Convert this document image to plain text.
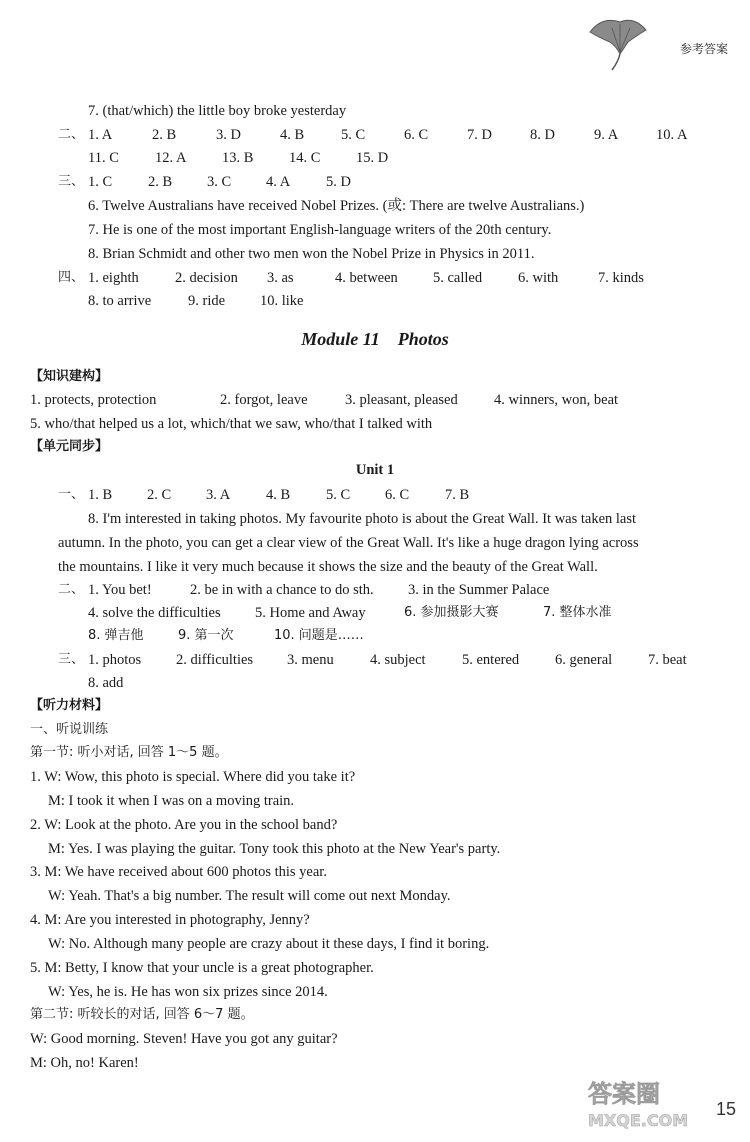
参考答案
7. (that/which) the little boy broke yesterday
二、 1. A	2. B	3. D	4. B	5. C	6. C	7. D	8. D	9. A	10. A
11. C 12. A 13. B 14. C 15. D
三、 1. C 2. B 3. C 4. A 5. D
6. Twelve Australians have received Nobel Prizes. (或: There are twelve Australians.)
7. He is one of the most important English-language writers of the 20th century.
8. Brian Schmidt and other two men won the Nobel Prize in Physics in 2011.
四、 1. eighth	2. decision 3. as	4. between 5. called 6. with	7. kinds
8. to arrive	9. ride 10. like
Module 11 Photos
【知识建构】
1. protects, protection	2. forgot, leave	3. pleasant, pleased	4. winners, won, beat
5. who/that helped us a lot, which/that we saw, who/that I talked with
【单元同步】
Unit 1
一、 1. B 2. C 3. A 4. B 5. C 6. C 7. B
8. I'm interested in taking photos. My favourite photo is about the Great Wall. It was taken last
autumn. In the photo, you can get a clear view of the Great Wall. It's like a huge dragon lying across
the mountains. I like it very much because it shows the size and the beauty of the Great Wall.
二、 1. You bet!	2. be in with a chance to do sth. 3. in the Summer Palace
4. solve the difficulties 5. Home and Away	6. 参加摄影大赛	7. 整体水准
8. 弹吉他	9. 第一次	10. 问题是……
三、 1. photos 2. difficulties 3. menu	4. subject	5. entered 6. general 7. beat
8. add
【听力材料】
一、听说训练
第一节: 听小对话, 回答 1～5 题。
1. W: Wow, this photo is special. Where did you take it?
M: I took it when I was on a moving train.
2. W: Look at the photo. Are you in the school band?
M: Yes. I was playing the guitar. Tony took this photo at the New Year's party.
3. M: We have received about 600 photos this year.
W: Yeah. That's a big number. The result will come out next Monday.
4. M: Are you interested in photography, Jenny?
W: No. Although many people are crazy about it these days, I find it boring.
5. M: Betty, I know that your uncle is a great photographer.
W: Yes, he is. He has won six prizes since 2014.
第二节: 听较长的对话, 回答 6～7 题。
W: Good morning. Steven! Have you got any guitar?
M: Oh, no! Karen!
答案圈
MXQE.COM
15
